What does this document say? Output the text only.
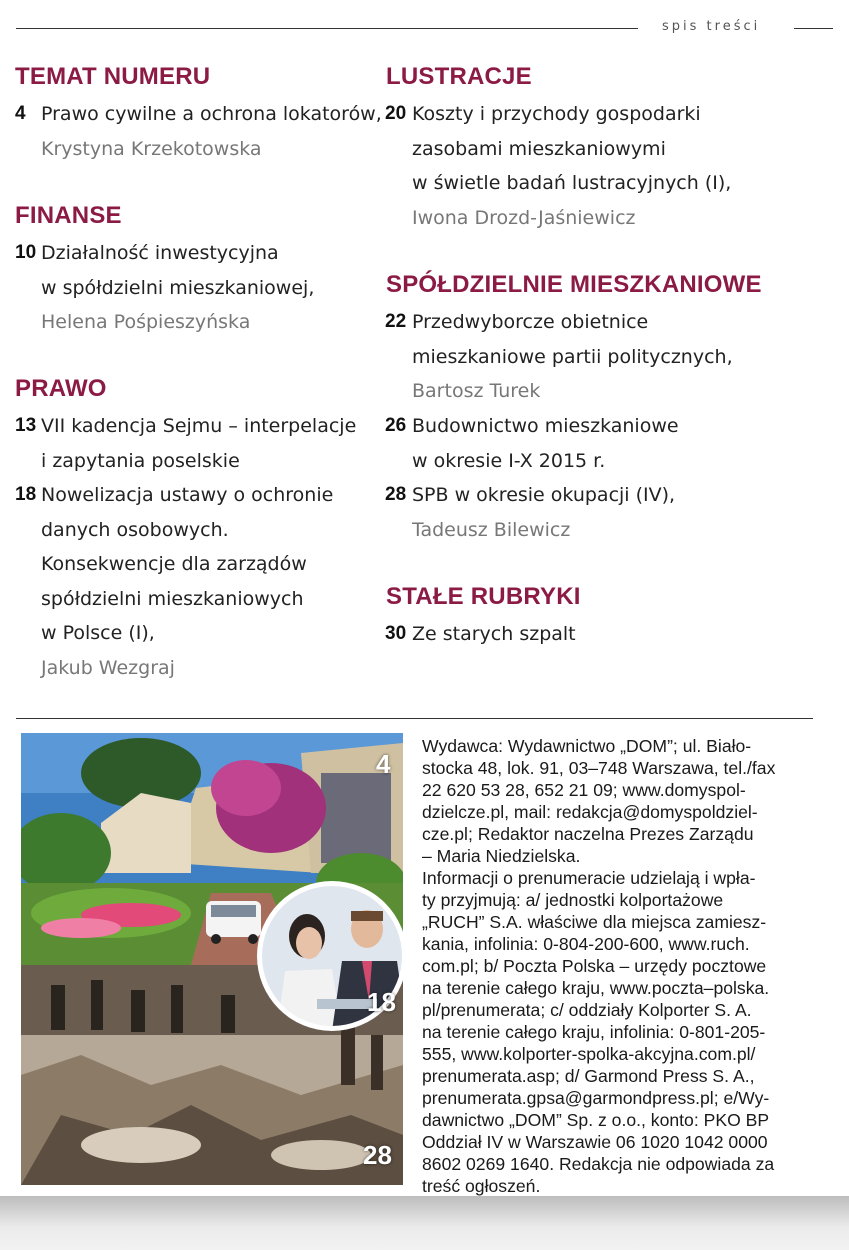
spis treści
TEMAT NUMERU
4 Prawo cywilne a ochrona lokatorów,
Krystyna Krzekotowska
FINANSE
10 Działalność inwestycyjna
w spółdzielni mieszkaniowej,
Helena Pośpieszyńska
PRAWO
13 VII kadencja Sejmu – interpelacje
i zapytania poselskie
18 Nowelizacja ustawy o ochronie
danych osobowych.
Konsekwencje dla zarządów
spółdzielni mieszkaniowych
w Polsce (I),
Jakub Wezgraj
LUSTRACJE
20 Koszty i przychody gospodarki
zasobami mieszkaniowymi
w świetle badań lustracyjnych (I),
Iwona Drozd-Jaśniewicz
SPÓŁDZIELNIE MIESZKANIOWE
22 Przedwyborcze obietnice
mieszkaniowe partii politycznych,
Bartosz Turek
26 Budownictwo mieszkaniowe
w okresie I-X 2015 r.
28 SPB w okresie okupacji (IV),
Tadeusz Bilewicz
STAŁE RUBRYKI
30 Ze starych szpalt
4
18
28
Wydawca: Wydawnictwo „DOM”; ul. Biało-
stocka 48, lok. 91, 03–748 Warszawa, tel./fax
22 620 53 28, 652 21 09; www.domyspol-
dzielcze.pl, mail: redakcja@domyspoldziel-
cze.pl; Redaktor naczelna Prezes Zarządu
– Maria Niedzielska.
Informacji o prenumeracie udzielają i wpła-
ty przyjmują: a/ jednostki kolportażowe
„RUCH” S.A. właściwe dla miejsca zamiesz-
kania, infolinia: 0-804-200-600, www.ruch.
com.pl; b/ Poczta Polska – urzędy pocztowe
na terenie całego kraju, www.poczta–polska.
pl/prenumerata; c/ oddziały Kolporter S. A.
na terenie całego kraju, infolinia: 0-801-205-
555, www.kolporter-spolka-akcyjna.com.pl/
prenumerata.asp; d/ Garmond Press S. A.,
prenumerata.gpsa@garmondpress.pl; e/Wy-
dawnictwo „DOM” Sp. z o.o., konto: PKO BP
Oddział IV w Warszawie 06 1020 1042 0000
8602 0269 1640. Redakcja nie odpowiada za
treść ogłoszeń.
